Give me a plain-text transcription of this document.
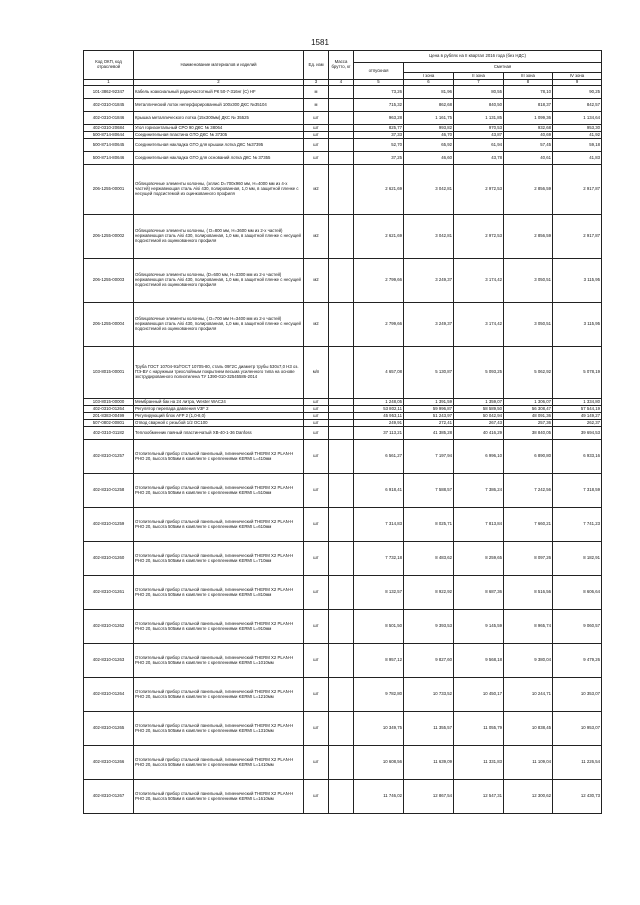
1581
Код ОКП, код отраслевой	Наименование материалов и изделий	Ед. изм	Масса брутто, кг	Цена в рублях на II квартал 2016 года (без НДС)				
				отпускная	Сметная			
					I зона	II зона	III зона	IV зона
1	2	3	4	5	6	7	8	9
101-3862-92347	Кабель коаксиальный радиочастотный РК 50-7-316нг (С) HF	м		73,26	81,96	80,55	78,10	90,25
402-0310-01845	Металлический лоток неперфорированный 100х300 ДКС №35104	м		715,32	862,68	840,50	818,37	842,57
402-0310-01846	Крышка металлического лотка (15х300мм) ДКС № 35525	шт		963,28	1 161,75	1 131,85	1 099,36	1 134,64
402-0310-20684	Угол горизонтальный СРО 90 ДКС № 38064	шт		825,77	993,82	970,53	932,68	953,30
500-8714-80644	Соединительная пластина GTO ДКС № 37305	шт		37,33	46,70	43,87	40,69	41,92
500-8714-80645	Соединительная накладка GTO для крышки лотка ДКС №37395	шт		52,70	65,92	61,94	57,45	59,18
500-8714-80646	Соединительная накладка GTO для оснований лотка ДКС № 37355	шт		37,25	46,60	43,78	40,61	41,83
206-1255-00001	Облицовочные элементы колонны, (эллис D=700х960 мм, Н=4000 мм из 4-х частей) нержавеющая сталь Aisi 430, полированная, 1,0 мм, в защитной пленке с несущей подсистемой из оцинкованного профиля	м2		2 621,69	3 042,81	2 972,53	2 856,59	2 917,87
206-1255-00002	Облицовочные элементы колонны, ( D=800 мм, Н=3600 мм из 2-х частей) нержавеющая сталь Aisi 430, полированная, 1,0 мм, в защитной пленке с несущей подсистемой из оцинкованного профиля	м2		2 621,69	3 042,81	2 972,53	2 856,59	2 917,87
206-1255-00003	Облицовочные элементы колонны, (D=600 мм, Н=3300 мм из 2-х частей) нержавеющая сталь Aisi 430, полированная, 1,0 мм, в защитной пленке с несущей подсистемой из оцинкованного профиля	м2		2 799,66	3 249,37	3 174,42	3 050,51	3 115,95
206-1255-00004	Облицовочные элементы колонны, ( D=700 мм Н=3400 мм из 2-х частей) нержавеющая сталь Aisi 430, полированная, 1,0 мм, в защитной пленке с несущей подсистемой из оцинкованного профиля	м2		2 799,66	3 249,37	3 174,42	3 050,51	3 115,95
103-8015-00001	Труба ГОСТ 10704-91/ГОСТ 10705-80, сталь 09Г2С диаметр трубы 530х7,0 НЗ оз. ПЭ-ВУ с наружным трехслойным покрытием весьма усиленного типа на основе экструдированного полиэтилена ТУ 1390-010-32545586-2014	м/п		4 657,08	5 130,87	5 093,25	5 062,92	5 078,19
103-8015-00000	Мембранный бак на 24 литра, Wester WAC24	шт		1 248,05	1 391,59	1 359,07	1 306,07	1 334,80
402-0310-01264	Регулятор перепада давления V3F 2	шт		53 802,11	59 996,87	58 589,50	56 308,47	57 544,19
201-8383-00499	Регулирующий блок AFP 2 (1,0-8,0)	шт		45 953,11	51 243,97	50 042,94	48 091,36	49 149,27
507-0802-00801	Отвод сварной с резьбой 1/2 ОС100	шт		249,91	272,41	267,43	257,36	262,37
402-0310-01182	Теплообменник паяный пластинчатый ХВ-40-1-36 Danfoss	шт		37 113,21	41 385,28	40 416,29	38 840,05	39 694,53
402-8310-01257	Отопительный прибор стальной панельный, гигиенический THERM X2 PLAN-H PHO 20, высота 505мм в комплекте с креплениями KERMI L=410мм	шт		6 561,27	7 197,94	6 996,10	6 890,80	6 933,16
402-8310-01258	Отопительный прибор стальной панельный, гигиенический THERM X2 PLAN-H PHO 20, высота 505мм в комплекте с креплениями KERMI L=510мм	шт		6 918,41	7 588,57	7 386,24	7 242,56	7 318,59
402-8310-01259	Отопительный прибор стальной панельный, гигиенический THERM X2 PLAN-H PHO 20, высота 505мм в комплекте с креплениями KERMI L=610мм	шт		7 314,83	8 025,71	7 813,84	7 660,21	7 741,23
402-8310-01260	Отопительный прибор стальной панельный, гигиенический THERM X2 PLAN-H PHO 20, высота 505мм в комплекте с креплениями KERMI L=710мм	шт		7 732,18	8 483,62	8 259,65	8 097,26	8 182,91
402-8310-01261	Отопительный прибор стальной панельный, гигиенический THERM X2 PLAN-H PHO 20, высота 505мм в комплекте с креплениями KERMI L=810мм	шт		8 132,57	8 922,92	8 687,36	8 516,56	8 606,64
402-8310-01262	Отопительный прибор стальной панельный, гигиенический THERM X2 PLAN-H PHO 20, высота 505мм в комплекте с креплениями KERMI L=910мм	шт		8 501,50	9 393,53	9 145,59	8 965,74	9 060,57
402-8310-01263	Отопительный прибор стальной панельный, гигиенический THERM X2 PLAN-H PHO 20, высота 505мм в комплекте с креплениями KERMI L=1010мм	шт		8 957,12	9 827,60	9 568,18	9 380,04	9 479,26
402-8310-01264	Отопительный прибор стальной панельный, гигиенический THERM X2 PLAN-H PHO 20, высота 505мм в комплекте с креплениями KERMI L=1210мм	шт		9 782,80	10 733,52	10 450,17	10 244,71	10 353,07
402-8310-01265	Отопительный прибор стальной панельный, гигиенический THERM X2 PLAN-H PHO 20, высота 505мм в комплекте с креплениями KERMI L=1310мм	шт		10 349,75	11 355,57	11 055,79	10 838,45	10 953,07
402-8310-01266	Отопительный прибор стальной панельный, гигиенический THERM X2 PLAN-H PHO 20, высота 505мм в комплекте с креплениями KERMI L=1410мм	шт		10 608,56	11 639,09	11 331,83	11 109,04	11 226,54
402-8310-01267	Отопительный прибор стальной панельный, гигиенический THERM X2 PLAN-H PHO 20, высота 505мм в комплекте с креплениями KERMI L=1610мм	шт		11 746,02	12 867,54	12 547,31	12 300,62	12 430,73
